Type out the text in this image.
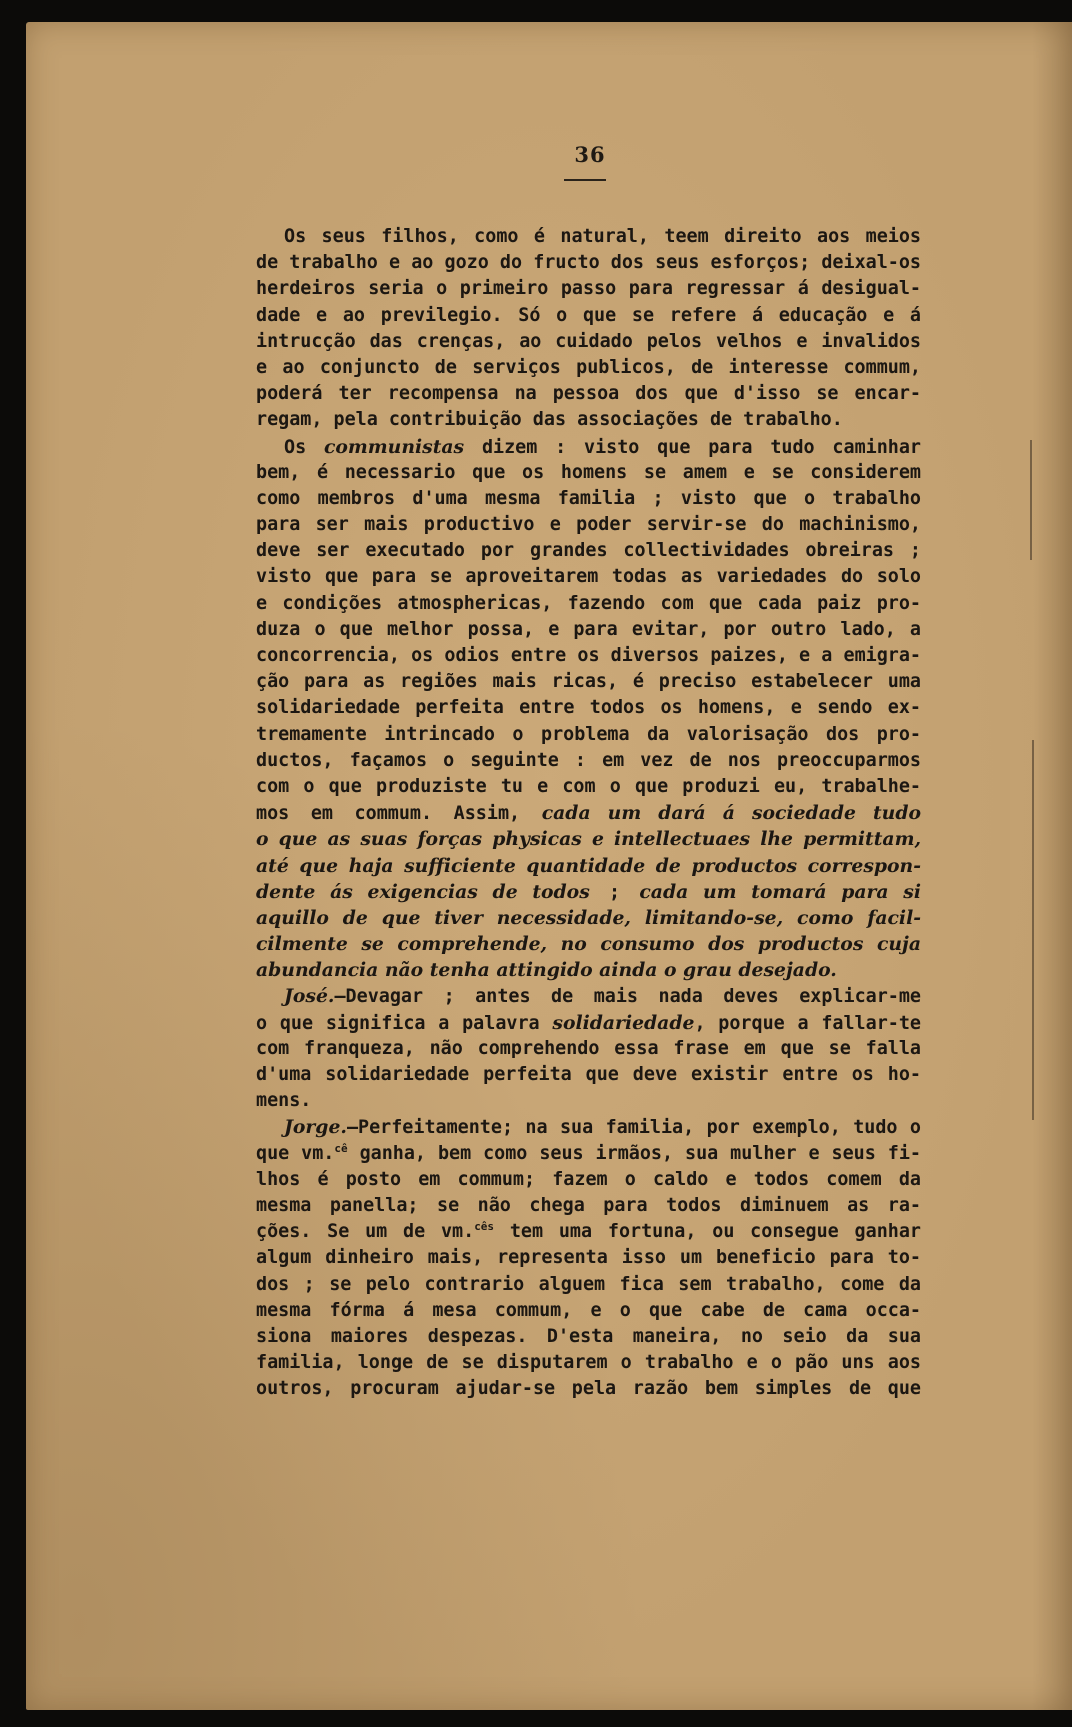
36
Os seus filhos, como é natural, teem direito aos meios
de trabalho e ao gozo do fructo dos seus esforços; deixal-os
herdeiros seria o primeiro passo para regressar á desigual-
dade e ao previlegio. Só o que se refere á educação e á
intrucção das crenças, ao cuidado pelos velhos e invalidos
e ao conjuncto de serviços publicos, de interesse commum,
poderá ter recompensa na pessoa dos que d'isso se encar-
regam, pela contribuição das associações de trabalho.
Os communistas dizem : visto que para tudo caminhar
bem, é necessario que os homens se amem e se considerem
como membros d'uma mesma familia ; visto que o trabalho
para ser mais productivo e poder servir-se do machinismo,
deve ser executado por grandes collectividades obreiras ;
visto que para se aproveitarem todas as variedades do solo
e condições atmosphericas, fazendo com que cada paiz pro-
duza o que melhor possa, e para evitar, por outro lado, a
concorrencia, os odios entre os diversos paizes, e a emigra-
ção para as regiões mais ricas, é preciso estabelecer uma
solidariedade perfeita entre todos os homens, e sendo ex-
tremamente intrincado o problema da valorisação dos pro-
ductos, façamos o seguinte : em vez de nos preoccuparmos
com o que produziste tu e com o que produzi eu, trabalhe-
mos em commum. Assim, cada um dará á sociedade tudo
o que as suas forças physicas e intellectuaes lhe permittam,
até que haja sufficiente quantidade de productos correspon-
dente ás exigencias de todos ; cada um tomará para si
aquillo de que tiver necessidade, limitando-se, como facil-
cilmente se comprehende, no consumo dos productos cuja
abundancia não tenha attingido ainda o grau desejado.
José.—Devagar ; antes de mais nada deves explicar-me
o que significa a palavra solidariedade, porque a fallar-te
com franqueza, não comprehendo essa frase em que se falla
d'uma solidariedade perfeita que deve existir entre os ho-
mens.
Jorge.—Perfeitamente; na sua familia, por exemplo, tudo o
que vm.$^{cê}$ ganha, bem como seus irmãos, sua mulher e seus fi-
lhos é posto em commum; fazem o caldo e todos comem da
mesma panella; se não chega para todos diminuem as ra-
ções. Se um de vm.$^{cês}$ tem uma fortuna, ou consegue ganhar
algum dinheiro mais, representa isso um beneficio para to-
dos ; se pelo contrario alguem fica sem trabalho, come da
mesma fórma á mesa commum, e o que cabe de cama occa-
siona maiores despezas. D'esta maneira, no seio da sua
familia, longe de se disputarem o trabalho e o pão uns aos
outros, procuram ajudar-se pela razão bem simples de que
